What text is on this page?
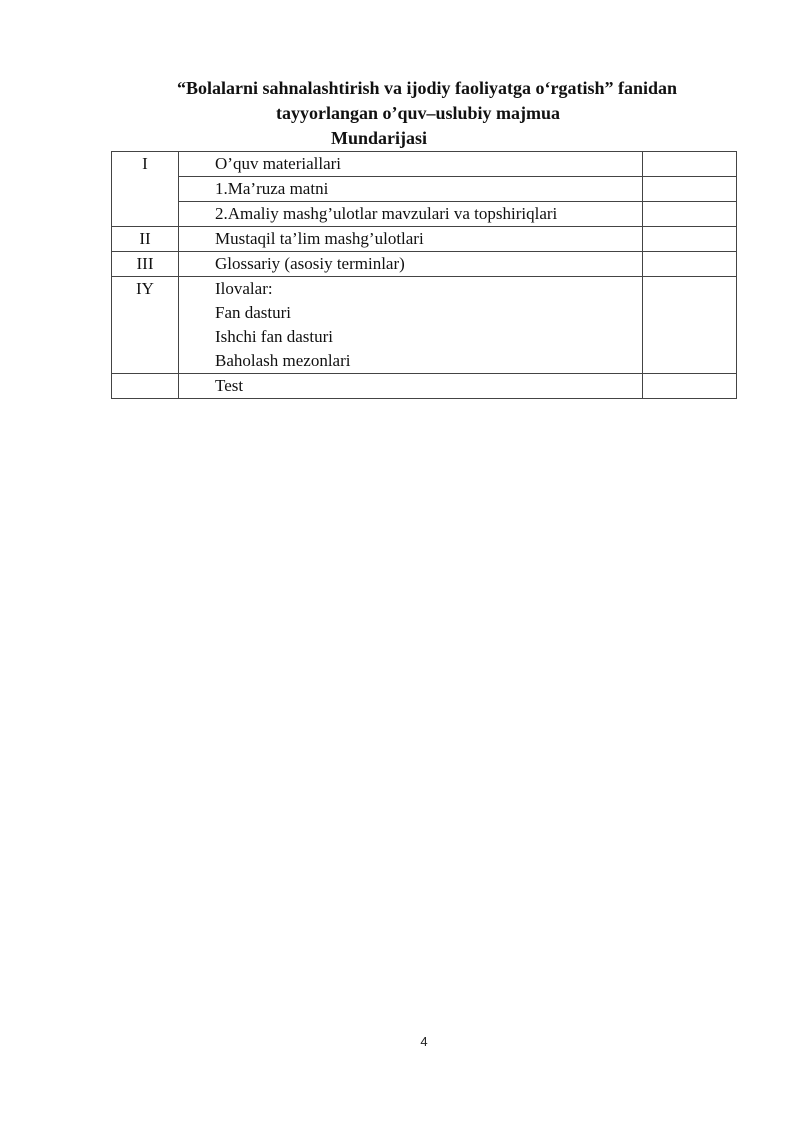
“Bolalarni sahnalashtirish va ijodiy faoliyatga o‘rgatish” fanidan
tayyorlangan o’quv–uslubiy majmua
Mundarijasi
I	O’quv materiallari	
	1.Ma’ruza matni	
	2.Amaliy mashg’ulotlar mavzulari va topshiriqlari	
II	Mustaqil ta’lim mashg’ulotlari	
III	Glossariy (asosiy terminlar)	
IY	Ilovalar:	
	Fan dasturi	
	Ishchi fan dasturi	
	Baholash mezonlari	
	Test	
4
